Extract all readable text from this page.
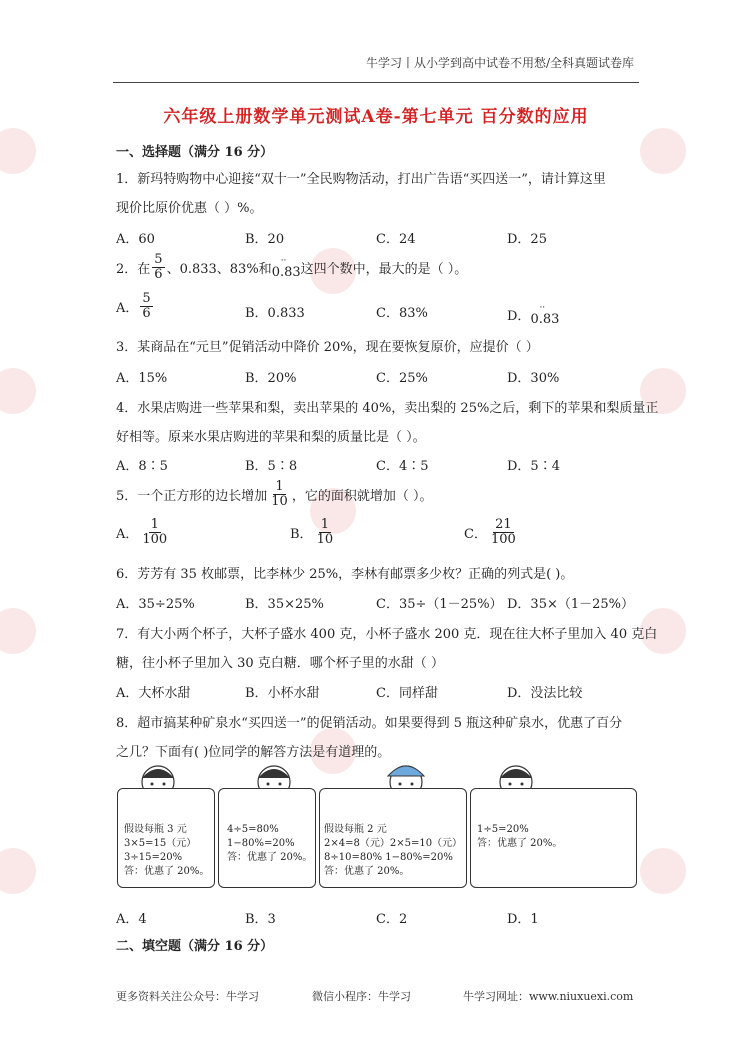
牛学习丨从小学到高中试卷不用愁/全科真题试卷库
六年级上册数学单元测试A卷-第七单元 百分数的应用
一、选择题（满分 16 分）
1．新玛特购物中心迎接“双十一”全民购物活动，打出广告语“买四送一”，请计算这里
现价比原价优惠（ ）%。
A．60	B．20	C．24	D．25
2．在 $\frac{5}{6}$ 、0.833、83%和
··
0.83 这四个数中，最大的是（ ）。
A． $\frac{5}{6}$	B．0.833	C．83%	D．
··
0.83
3．某商品在“元旦”促销活动中降价 20%，现在要恢复原价，应提价（ ）
A．15%	B．20%	C．25%	D．30%
4．水果店购进一些苹果和梨，卖出苹果的 40%，卖出梨的 25%之后，剩下的苹果和梨质量正
好相等。原来水果店购进的苹果和梨的质量比是（ ）。
A．8∶5	B．5∶8	C．4∶5	D．5∶4
5．一个正方形的边长增加 $\frac{1}{10}$ ，它的面积就增加（ ）。
A． $\frac{1}{100}$	B． $\frac{1}{10}$	C． $\frac{21}{100}$
6．芳芳有 35 枚邮票，比李林少 25%，李林有邮票多少枚？正确的列式是( )。
A．35÷25%	B．35×25%	C．35÷（1－25%） D．35×（1－25%）
7．有大小两个杯子，大杯子盛水 400 克，小杯子盛水 200 克．现在往大杯子里加入 40 克白
糖，往小杯子里加入 30 克白糖．哪个杯子里的水甜（ ）
A．大杯水甜	B．小杯水甜	C．同样甜	D．没法比较
8．超市搞某种矿泉水“买四送一”的促销活动。如果要得到 5 瓶这种矿泉水，优惠了百分
之几？下面有( )位同学的解答方法是有道理的。
假设每瓶 3 元
3×5=15（元）
3÷15=20%
答：优惠了 20%。
4÷5=80%
1−80%=20%
答：优惠了 20%。
假设每瓶 2 元
2×4=8（元）2×5=10（元）
8÷10=80% 1−80%=20%
答：优惠了 20%。
1÷5=20%
答：优惠了 20%。
A．4	B．3	C．2	D．1
二、填空题（满分 16 分）
更多资料关注公众号：牛学习	微信小程序：牛学习	牛学习网址：www.niuxuexi.com
